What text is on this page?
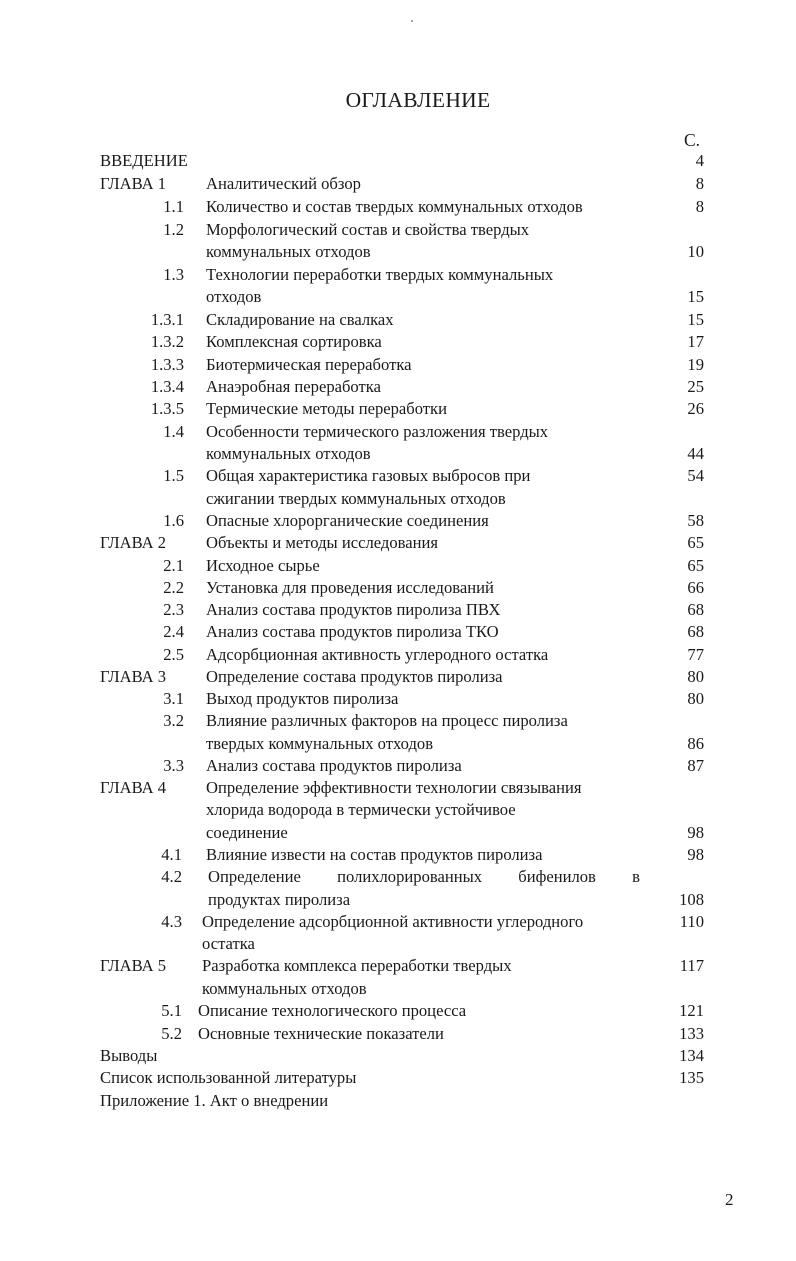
ОГЛАВЛЕНИЕ
С.
ВВЕДЕНИЕ	4
ГЛАВА 1 Аналитический обзор	8
1.1 Количество и состав твердых коммунальных отходов	8
1.2 Морфологический состав и свойства твердых
коммунальных отходов	10
1.3 Технологии переработки твердых коммунальных
отходов	15
1.3.1 Складирование на свалках	15
1.3.2 Комплексная сортировка	17
1.3.3 Биотермическая переработка	19
1.3.4 Анаэробная переработка	25
1.3.5 Термические методы переработки	26
1.4 Особенности термического разложения твердых
коммунальных отходов	44
1.5 Общая характеристика газовых выбросов при	54
сжигании твердых коммунальных отходов
1.6 Опасные хлорорганические соединения	58
ГЛАВА 2 Объекты и методы исследования	65
2.1 Исходное сырье	65
2.2 Установка для проведения исследований	66
2.3 Анализ состава продуктов пиролиза ПВХ	68
2.4 Анализ состава продуктов пиролиза ТКО	68
2.5 Адсорбционная активность углеродного остатка	77
ГЛАВА 3 Определение состава продуктов пиролиза	80
3.1 Выход продуктов пиролиза	80
3.2 Влияние различных факторов на процесс пиролиза
твердых коммунальных отходов	86
3.3 Анализ состава продуктов пиролиза	87
ГЛАВА 4 Определение эффективности технологии связывания
хлорида водорода в термически устойчивое
соединение	98
4.1 Влияние извести на состав продуктов пиролиза	98
4.2 Определение полихлорированных бифенилов в
продуктах пиролиза	108
4.3 Определение адсорбционной активности углеродного	110
остатка
ГЛАВА 5 Разработка комплекса переработки твердых	117
коммунальных отходов
5.1 Описание технологического процесса	121
5.2 Основные технические показатели	133
Выводы	134
Список использованной литературы	135
Приложение 1. Акт о внедрении
2
